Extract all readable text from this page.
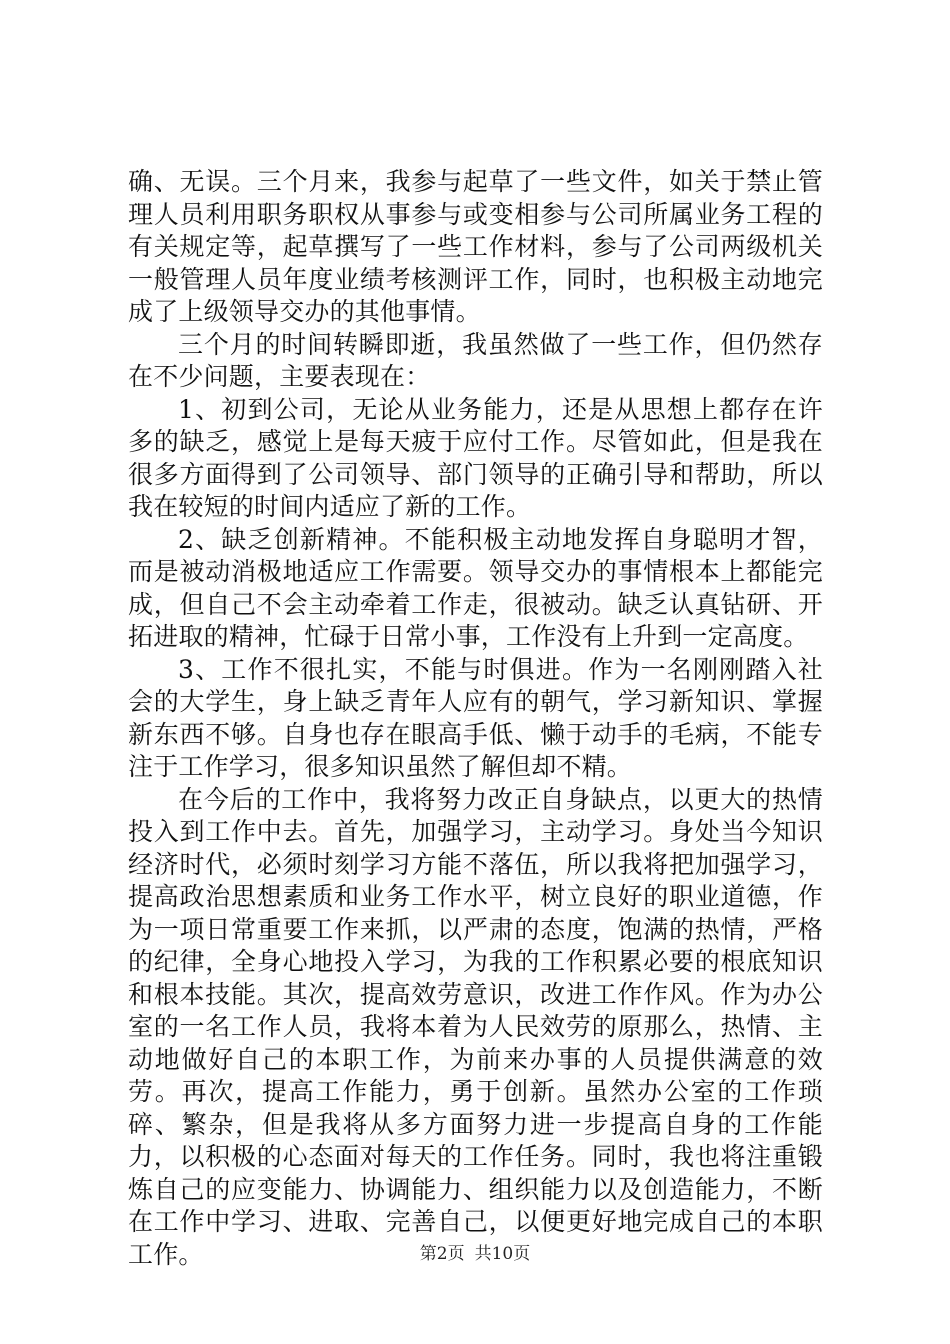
确、无误。三个月来，我参与起草了一些文件，如关于禁止管理人员利用职务职权从事参与或变相参与公司所属业务工程的有关规定等，起草撰写了一些工作材料，参与了公司两级机关一般管理人员年度业绩考核测评工作，同时，也积极主动地完成了上级领导交办的其他事情。

三个月的时间转瞬即逝，我虽然做了一些工作，但仍然存在不少问题，主要表现在：

1、初到公司，无论从业务能力，还是从思想上都存在许多的缺乏，感觉上是每天疲于应付工作。尽管如此，但是我在很多方面得到了公司领导、部门领导的正确引导和帮助，所以我在较短的时间内适应了新的工作。

2、缺乏创新精神。不能积极主动地发挥自身聪明才智，而是被动消极地适应工作需要。领导交办的事情根本上都能完成，但自己不会主动牵着工作走，很被动。缺乏认真钻研、开拓进取的精神，忙碌于日常小事，工作没有上升到一定高度。

3、工作不很扎实，不能与时俱进。作为一名刚刚踏入社会的大学生，身上缺乏青年人应有的朝气，学习新知识、掌握新东西不够。自身也存在眼高手低、懒于动手的毛病，不能专注于工作学习，很多知识虽然了解但却不精。

在今后的工作中，我将努力改正自身缺点，以更大的热情投入到工作中去。首先，加强学习，主动学习。身处当今知识经济时代，必须时刻学习方能不落伍，所以我将把加强学习，提高政治思想素质和业务工作水平，树立良好的职业道德，作为一项日常重要工作来抓，以严肃的态度，饱满的热情，严格的纪律，全身心地投入学习，为我的工作积累必要的根底知识和根本技能。其次，提高效劳意识，改进工作作风。作为办公室的一名工作人员，我将本着为人民效劳的原那么，热情、主动地做好自己的本职工作，为前来办事的人员提供满意的效劳。再次，提高工作能力，勇于创新。虽然办公室的工作琐碎、繁杂，但是我将从多方面努力进一步提高自身的工作能力，以积极的心态面对每天的工作任务。同时，我也将注重锻炼自己的应变能力、协调能力、组织能力以及创造能力，不断在工作中学习、进取、完善自己，以便更好地完成自己的本职工作。	第2页 共10页
